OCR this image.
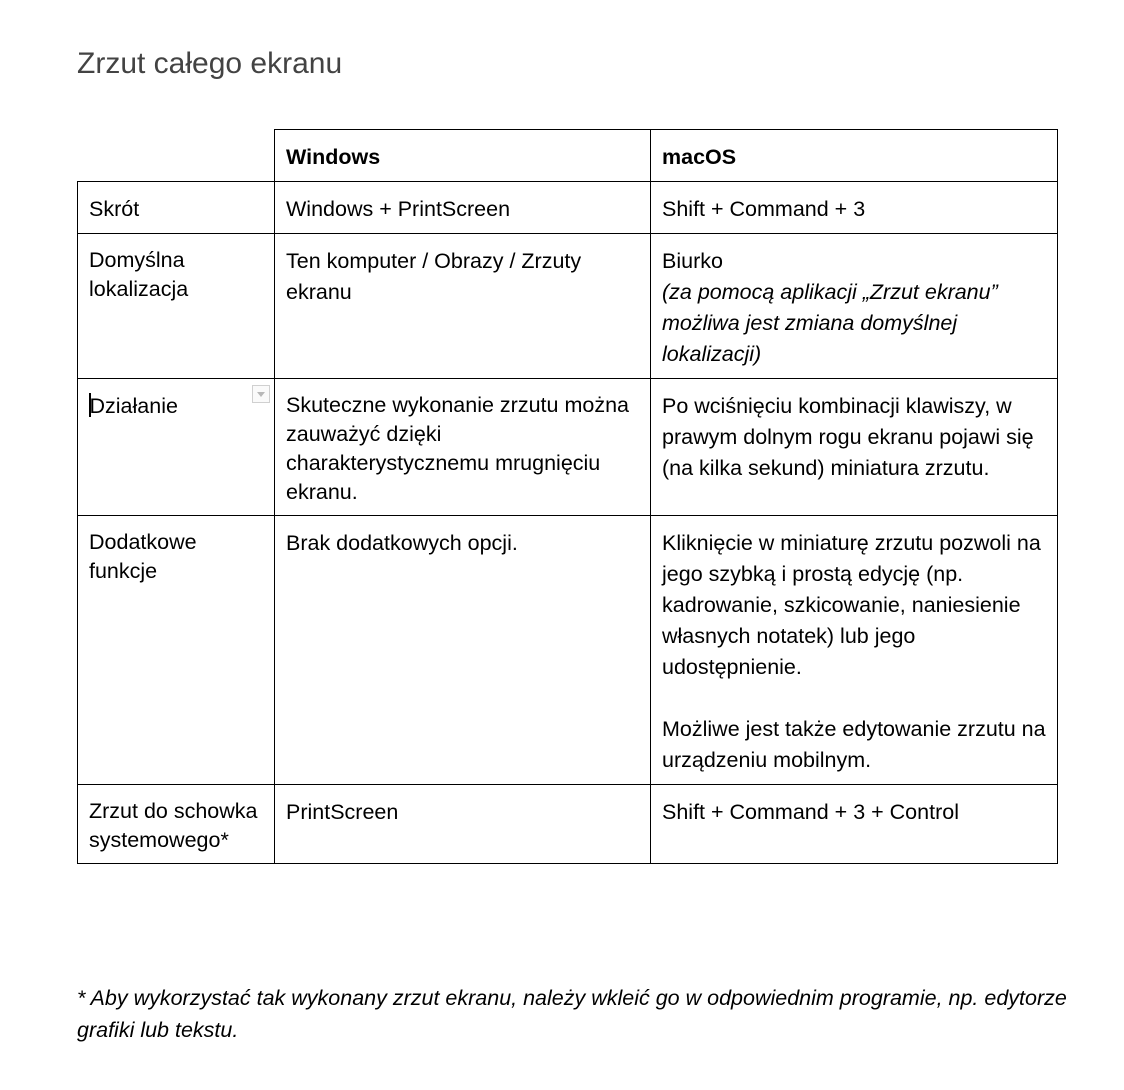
Zrzut całego ekranu
	Windows	macOS
Skrót	Windows + PrintScreen	Shift + Command + 3
Domyślna lokalizacja	Ten komputer / Obrazy / Zrzuty ekranu	Biurko
(za pomocą aplikacji „Zrzut ekranu” możliwa jest zmiana domyślnej lokalizacji)

Działanie	Skuteczne wykonanie zrzutu można zauważyć dzięki charakterystycznemu mrugnięciu ekranu.	Po wciśnięciu kombinacji klawiszy, w prawym dolnym rogu ekranu pojawi się (na kilka sekund) miniatura zrzutu.
Dodatkowe funkcje	Brak dodatkowych opcji.	Kliknięcie w miniaturę zrzutu pozwoli na jego szybką i prostą edycję (np. kadrowanie, szkicowanie, naniesienie własnych notatek) lub jego udostępnienie.
Możliwe jest także edytowanie zrzutu na urządzeniu mobilnym.

Zrzut do schowka systemowego*	PrintScreen	Shift + Command + 3 + Control

* Aby wykorzystać tak wykonany zrzut ekranu, należy wkleić go w odpowiednim programie, np. edytorze grafiki lub tekstu.
